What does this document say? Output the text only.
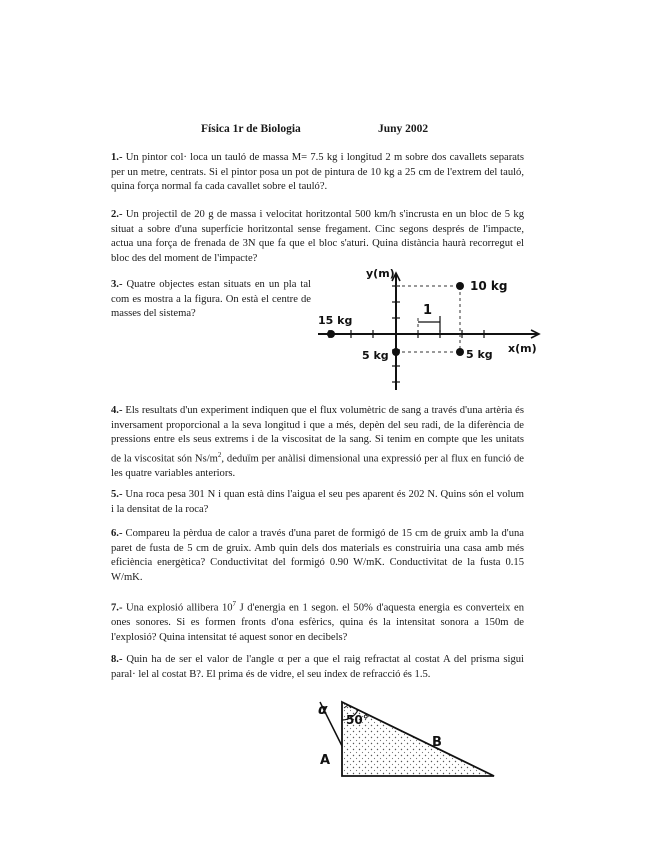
Física 1r de Biologia	Juny 2002
1.- Un pintor col· loca un tauló de massa M= 7.5 kg i longitud 2 m sobre dos cavallets separats per un metre, centrats. Si el pintor posa un pot de pintura de 10 kg a 25 cm de l'extrem del tauló, quina força normal fa cada cavallet sobre el tauló?.
2.- Un projectil de 20 g de massa i velocitat horitzontal 500 km/h s'incrusta en un bloc de 5 kg situat a sobre d'una superfície horitzontal sense fregament. Cinc segons després de l'impacte, actua una força de frenada de 3N que fa que el bloc s'aturi. Quina distància haurà recorregut el bloc des del moment de l'impacte?
3.- Quatre objectes estan situats en un pla tal com es mostra a la figura. On està el centre de masses del sistema?	1
y(m)
x(m)
10 kg
15 kg
5 kg	5 kg
4.- Els resultats d'un experiment indiquen que el flux volumètric de sang a través d'una artèria és inversament proporcional a la seva longitud i que a més, depèn del seu radi, de la diferència de pressions entre els seus extrems i de la viscositat de la sang. Si tenim en compte que les unitats de la viscositat són $Ns/m^2$, deduïm per anàlisi dimensional una expressió per al flux en funció de les quatre variables anteriors.
5.- Una roca pesa 301 N i quan està dins l'aigua el seu pes aparent és 202 N. Quins són el volum i la densitat de la roca?
6.- Compareu la pèrdua de calor a través d'una paret de formigó de 15 cm de gruix amb la d'una paret de fusta de 5 cm de gruix. Amb quin dels dos materials es construiria una casa amb més eficiència energètica? Conductivitat del formigó 0.90 W/mK. Conductivitat de la fusta 0.15 W/mK.
7.- Una explosió allibera $10^7$ J d'energia en 1 segon. el 50% d'aquesta energia es converteix en ones sonores. Si es formen fronts d'ona esfèrics, quina és la intensitat sonora a 150m de l'explosió? Quina intensitat té aquest sonor en decibels?
8.- Quin ha de ser el valor de l'angle α per a que el raig refractat al costat A del prisma sigui paral· lel al costat B?. El prima és de vidre, el seu índex de refracció és 1.5.
50°
α
A
B
